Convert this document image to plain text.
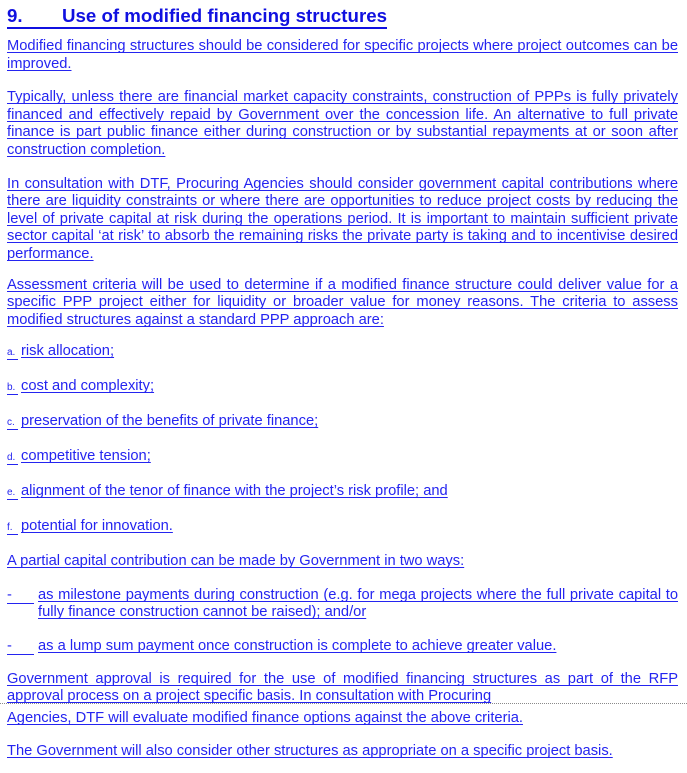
9. Use of modified financing structures

Modified financing structures should be considered for specific projects where project outcomes can be improved.

Typically, unless there are financial market capacity constraints, construction of PPPs is fully privately financed and effectively repaid by Government over the concession life. An alternative to full private finance is part public finance either during construction or by substantial repayments at or soon after construction completion.

In consultation with DTF, Procuring Agencies should consider government capital contributions where there are liquidity constraints or where there are opportunities to reduce project costs by reducing the level of private capital at risk during the operations period. It is important to maintain sufficient private sector capital ‘at risk’ to absorb the remaining risks the private party is taking and to incentivise desired performance.

Assessment criteria will be used to determine if a modified finance structure could deliver value for a specific PPP project either for liquidity or broader value for money reasons. The criteria to assess modified structures against a standard PPP approach are:

a. risk allocation;
b. cost and complexity;
c. preservation of the benefits of private finance;
d. competitive tension;
e. alignment of the tenor of finance with the project’s risk profile; and
f. potential for innovation.

A partial capital contribution can be made by Government in two ways:

-	as milestone payments during construction (e.g. for mega projects where the full private capital to fully finance construction cannot be raised); and/or
-	as a lump sum payment once construction is complete to achieve greater value.

Government approval is required for the use of modified financing structures as part of the RFP approval process on a project specific basis. In consultation with Procuring

Agencies, DTF will evaluate modified finance options against the above criteria.

The Government will also consider other structures as appropriate on a specific project basis.
